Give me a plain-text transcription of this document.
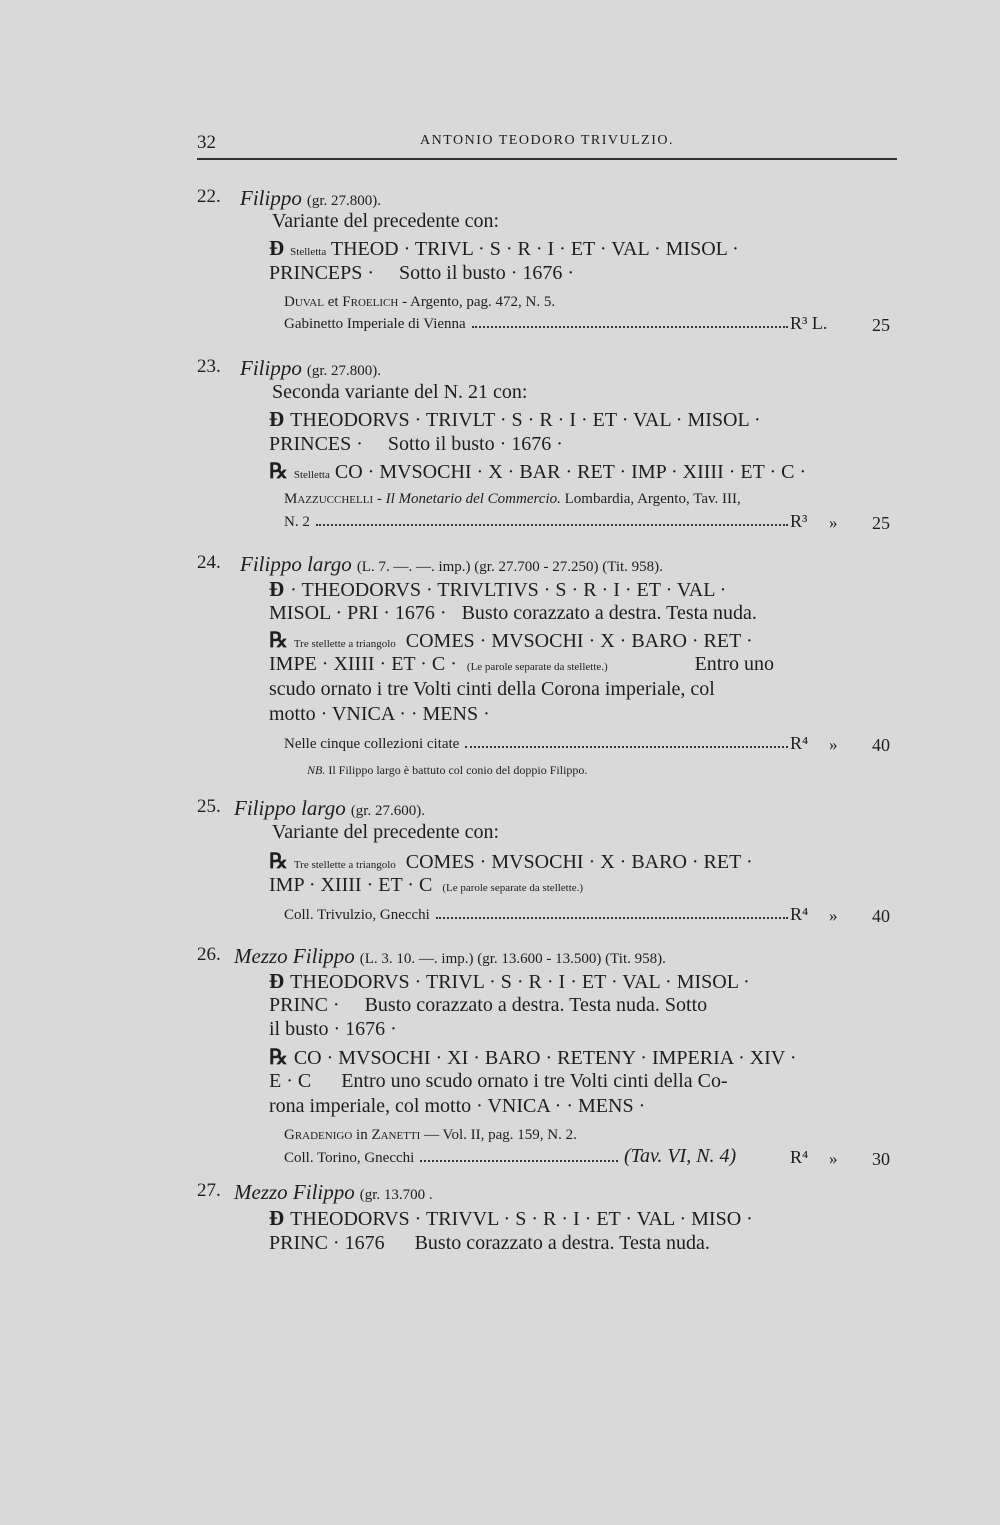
32	ANTONIO TEODORO TRIVULZIO.
22. Filippo (gr. 27.800).
Variante del precedente con:
Ð Stelletta THEOD · TRIVL · S · R · I · ET · VAL · MISOL ·
PRINCEPS · Sotto il busto · 1676 ·
Duval et Froelich - Argento, pag. 472, N. 5.
Gabinetto Imperiale di Vienna	R³ L. 25
23. Filippo (gr. 27.800).
Seconda variante del N. 21 con:
Ð THEODORVS · TRIVLT · S · R · I · ET · VAL · MISOL ·
PRINCES · Sotto il busto · 1676 ·
℞ Stelletta CO · MVSOCHI · X · BAR · RET · IMP · XIIII · ET · C ·
Mazzucchelli - Il Monetario del Commercio. Lombardia, Argento, Tav. III,
N. 2	R³ » 25
24. Filippo largo (L. 7. —. —. imp.) (gr. 27.700 - 27.250) (Tit. 958).
Ð · THEODORVS · TRIVLTIVS · S · R · I · ET · VAL ·
MISOL · PRI · 1676 · Busto corazzato a destra. Testa nuda.
℞ Tre stellette a triangolo COMES · MVSOCHI · X · BARO · RET ·
IMPE · XIIII · ET · C · (Le parole separate da stellette.)	Entro uno
scudo ornato i tre Volti cinti della Corona imperiale, col
motto · VNICA · · MENS ·
Nelle cinque collezioni citate	R⁴ » 40
NB. Il Filippo largo è battuto col conio del doppio Filippo.
25. Filippo largo (gr. 27.600).
Variante del precedente con:
℞ Tre stellette a triangolo COMES · MVSOCHI · X · BARO · RET ·
IMP · XIIII · ET · C (Le parole separate da stellette.)
Coll. Trivulzio, Gnecchi	R⁴ » 40
26. Mezzo Filippo (L. 3. 10. —. imp.) (gr. 13.600 - 13.500) (Tit. 958).
Ð THEODORVS · TRIVL · S · R · I · ET · VAL · MISOL ·
PRINC · Busto corazzato a destra. Testa nuda. Sotto
il busto · 1676 ·
℞ CO · MVSOCHI · XI · BARO · RETENY · IMPERIA · XIV ·
E · C Entro uno scudo ornato i tre Volti cinti della Co-
rona imperiale, col motto · VNICA · · MENS ·
Gradenigo in Zanetti — Vol. II, pag. 159, N. 2.
Coll. Torino, Gnecchi	(Tav. VI, N. 4)	R⁴ » 30
27. Mezzo Filippo (gr. 13.700 .
Ð THEODORVS · TRIVVL · S · R · I · ET · VAL · MISO ·
PRINC · 1676 Busto corazzato a destra. Testa nuda.
